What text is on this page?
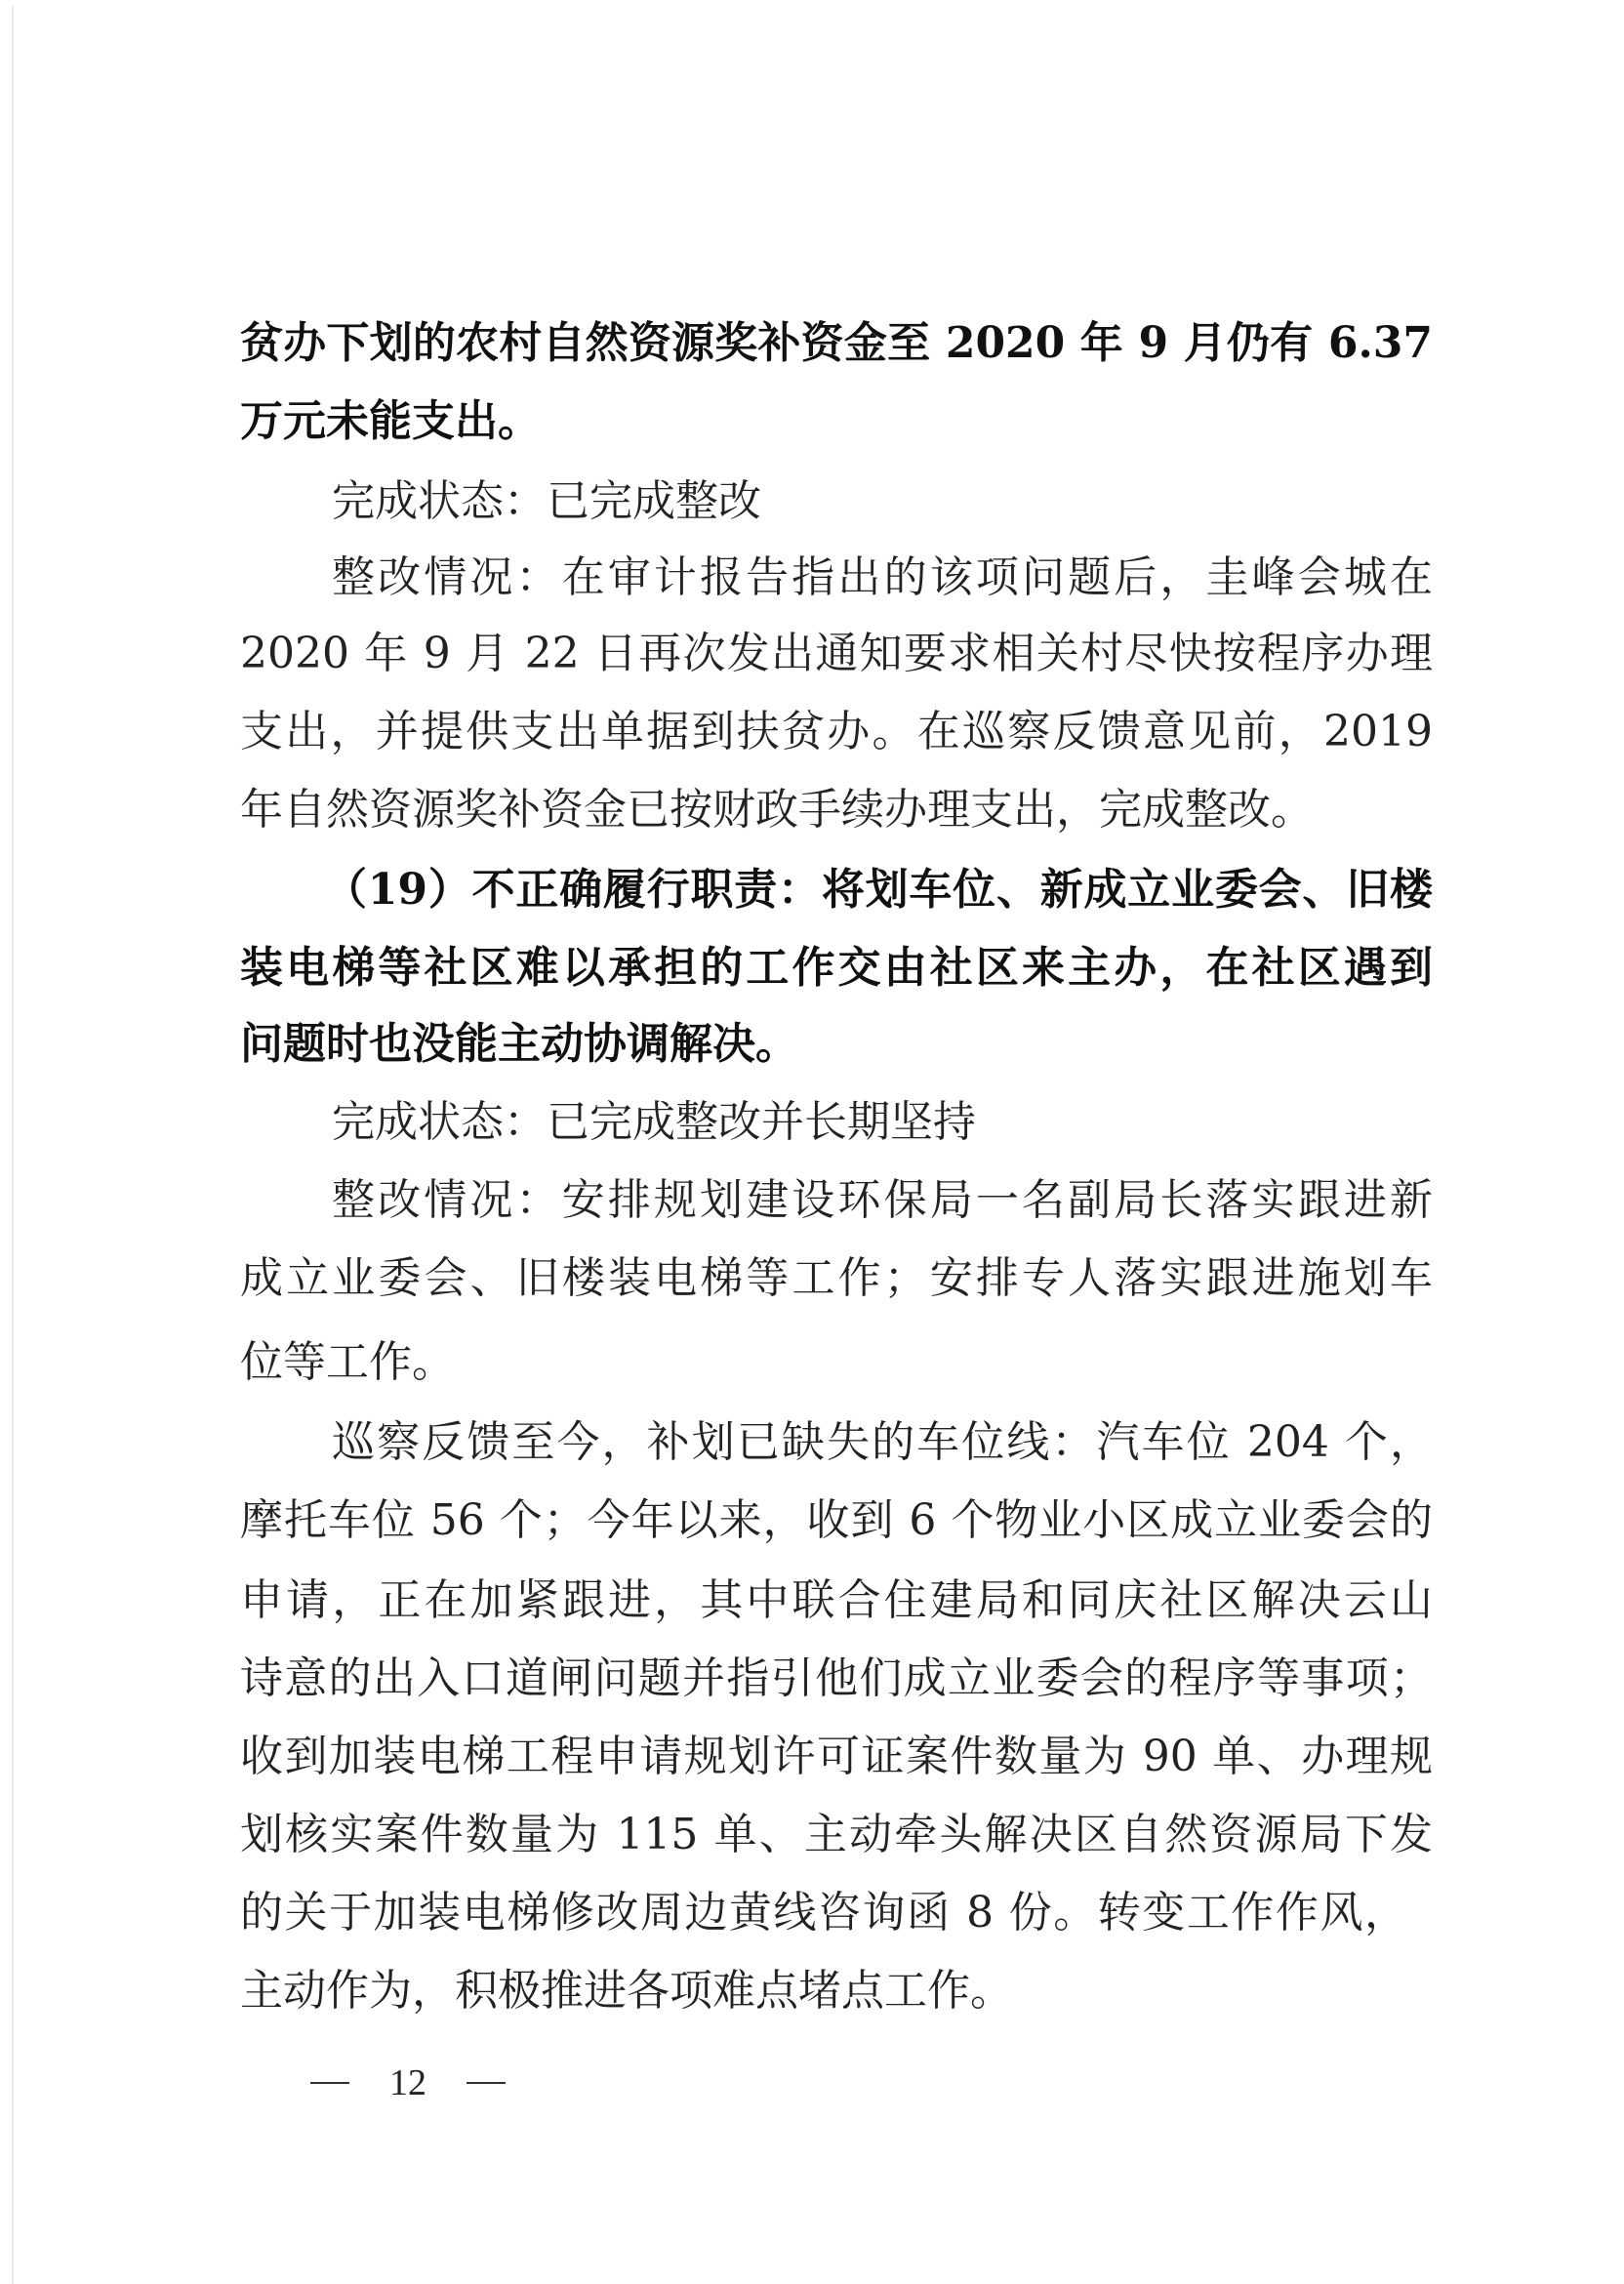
贫办下划的农村自然资源奖补资金至 2020 年 9 月仍有 6.37
万元未能支出。
完成状态：已完成整改
整改情况：在审计报告指出的该项问题后，圭峰会城在
2020 年 9 月 22 日再次发出通知要求相关村尽快按程序办理
支出，并提供支出单据到扶贫办。在巡察反馈意见前，2019
年自然资源奖补资金已按财政手续办理支出，完成整改。
（19）不正确履行职责：将划车位、新成立业委会、旧楼
装电梯等社区难以承担的工作交由社区来主办，在社区遇到
问题时也没能主动协调解决。
完成状态：已完成整改并长期坚持
整改情况：安排规划建设环保局一名副局长落实跟进新
成立业委会、旧楼装电梯等工作；安排专人落实跟进施划车
位等工作。
巡察反馈至今，补划已缺失的车位线：汽车位 204 个，
摩托车位 56 个；今年以来，收到 6 个物业小区成立业委会的
申请，正在加紧跟进，其中联合住建局和同庆社区解决云山
诗意的出入口道闸问题并指引他们成立业委会的程序等事项；
收到加装电梯工程申请规划许可证案件数量为 90 单、办理规
划核实案件数量为 115 单、主动牵头解决区自然资源局下发
的关于加装电梯修改周边黄线咨询函 8 份。转变工作作风，
主动作为，积极推进各项难点堵点工作。
12
